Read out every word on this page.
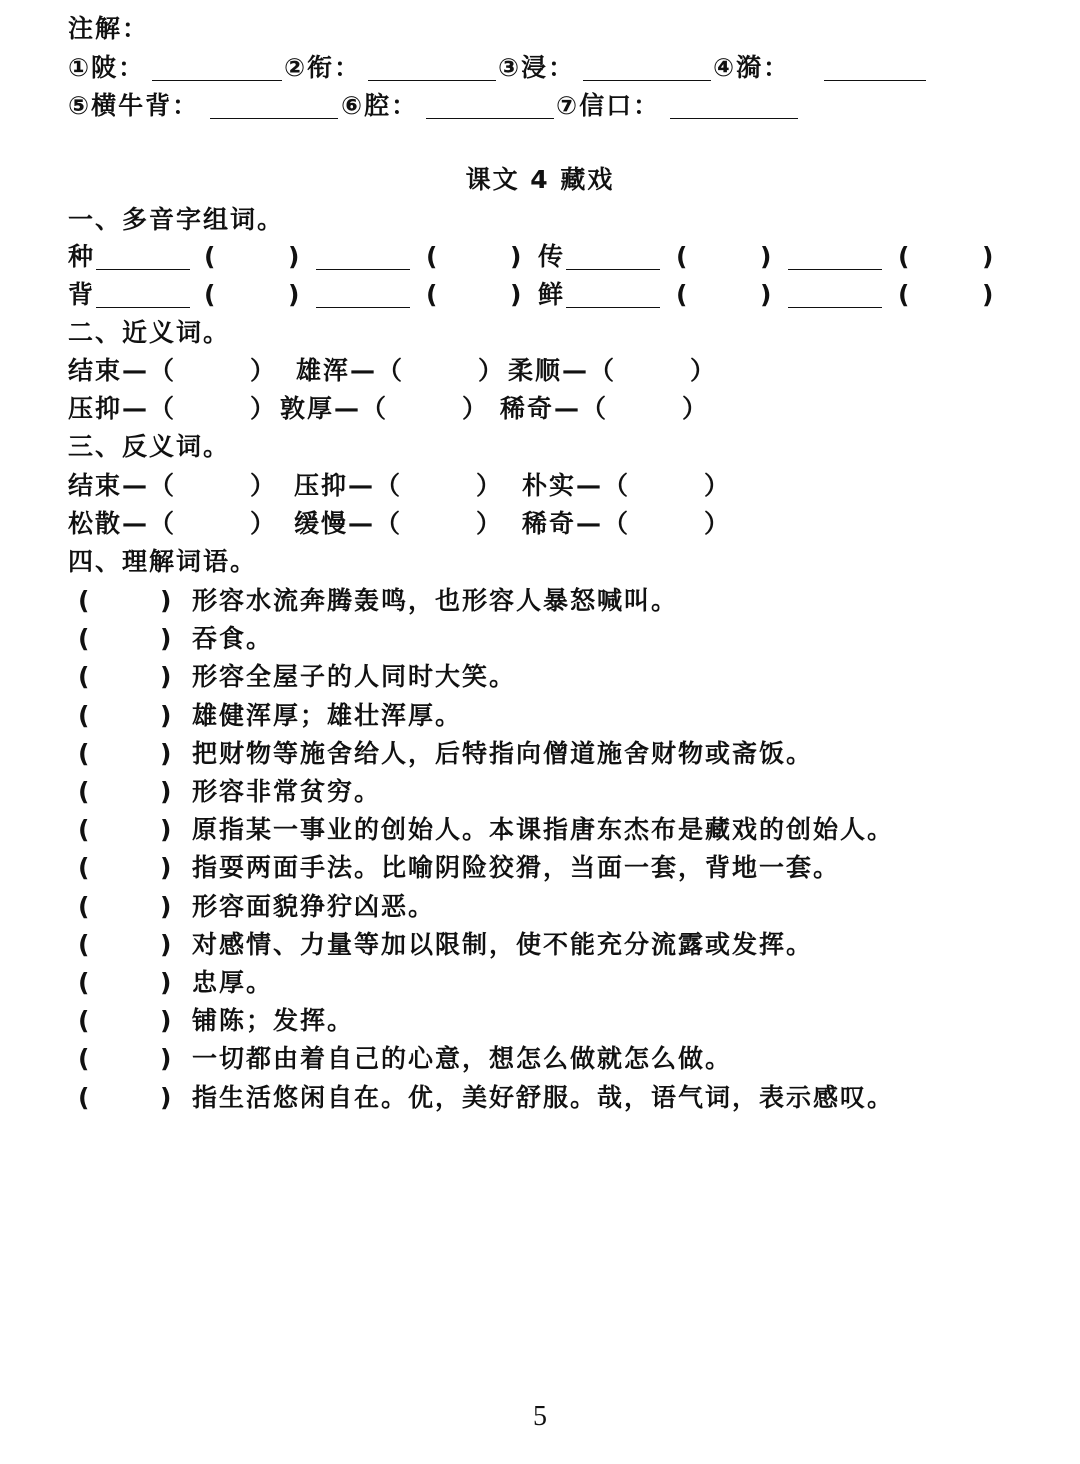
注解：
①陂：	②衔：	③浸：	④漪：
⑤横牛背：	⑥腔：	⑦信口：
课文 4 藏戏
一、多音字组词。
种	(	)	(	) 传	(	)	(	)
背	(	)	(	) 鲜	(	)	(	)
二、近义词。
结束—（	） 雄浑—（	） 柔顺—（	）
压抑—（	） 敦厚—（	） 稀奇—（	）
三、反义词。
结束—（	） 压抑—（	） 朴实—（	）
松散—（	） 缓慢—（	） 稀奇—（	）
四、理解词语。
(	) 形容水流奔腾轰鸣，也形容人暴怒喊叫。
(	) 吞食。
(	) 形容全屋子的人同时大笑。
(	) 雄健浑厚；雄壮浑厚。
(	) 把财物等施舍给人，后特指向僧道施舍财物或斋饭。
(	) 形容非常贫穷。
(	) 原指某一事业的创始人。本课指唐东杰布是藏戏的创始人。
(	) 指耍两面手法。比喻阴险狡猾，当面一套，背地一套。
(	) 形容面貌狰狞凶恶。
(	) 对感情、力量等加以限制，使不能充分流露或发挥。
(	) 忠厚。
(	) 铺陈；发挥。
(	) 一切都由着自己的心意，想怎么做就怎么做。
(	) 指生活悠闲自在。优，美好舒服。哉，语气词，表示感叹。
5
